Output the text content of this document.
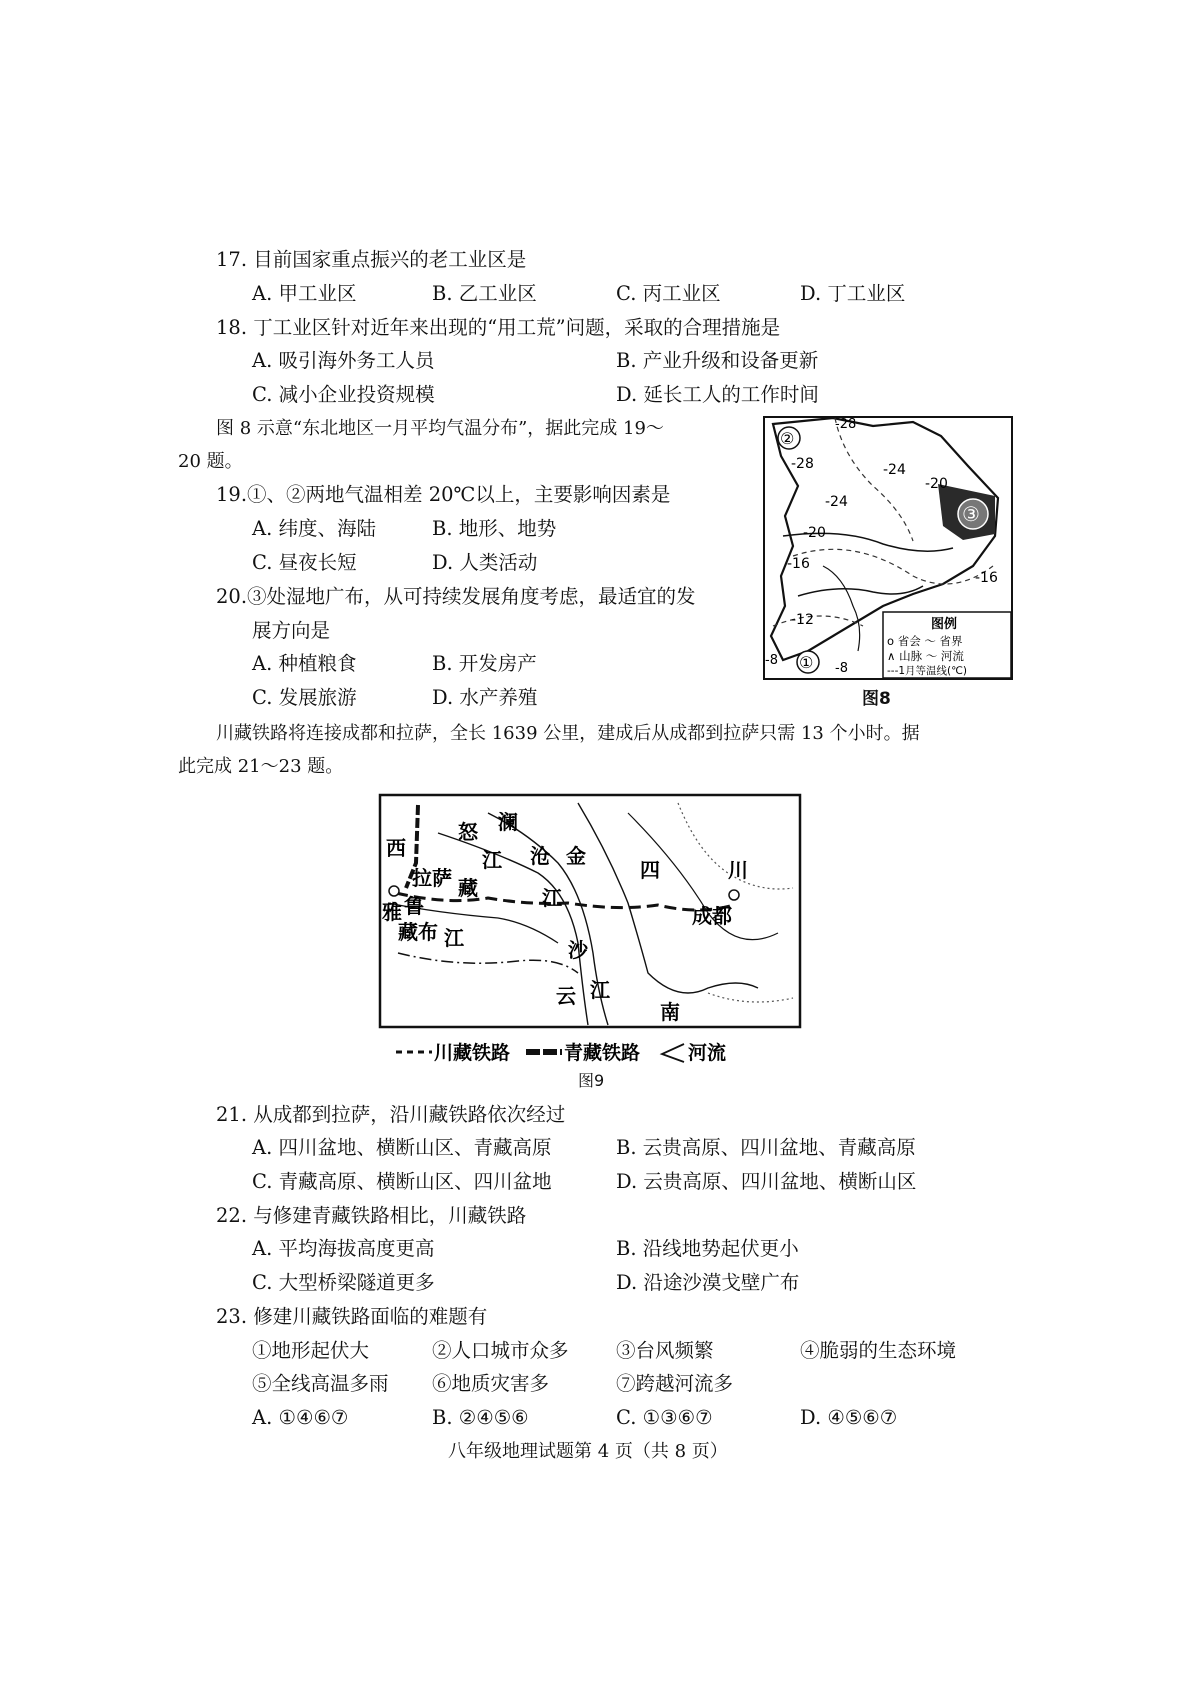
17. 目前国家重点振兴的老工业区是
A. 甲工业区	B. 乙工业区	C. 丙工业区	D. 丁工业区
18. 丁工业区针对近年来出现的“用工荒”问题，采取的合理措施是
A. 吸引海外务工人员	B. 产业升级和设备更新
C. 减小企业投资规模	D. 延长工人的工作时间
图 8 示意“东北地区一月平均气温分布”，据此完成 19～
20 题。
19.①、②两地气温相差 20℃以上，主要影响因素是
A. 纬度、海陆	B. 地形、地势
C. 昼夜长短	D. 人类活动
20.③处湿地广布，从可持续发展角度考虑，最适宜的发
展方向是
A. 种植粮食	B. 开发房产
C. 发展旅游	D. 水产养殖
-28
-28	-24
-20
-24
-20
-16
-16
-12
-8
-8
②
③
①
图例
o 省会 〜 省界
∧ 山脉 〜 河流
---1月等温线(℃)
图8
川藏铁路将连接成都和拉萨，全长 1639 公里，建成后从成都到拉萨只需 13 个小时。据
此完成 21～23 题。
西
怒 澜
拉萨
江 沧 金
四	川
藏	江
雅 鲁	成都
藏布 江	沙
云 江
南
川藏铁路	青藏铁路	河流
图9
21. 从成都到拉萨，沿川藏铁路依次经过
A. 四川盆地、横断山区、青藏高原	B. 云贵高原、四川盆地、青藏高原
C. 青藏高原、横断山区、四川盆地	D. 云贵高原、四川盆地、横断山区
22. 与修建青藏铁路相比，川藏铁路
A. 平均海拔高度更高	B. 沿线地势起伏更小
C. 大型桥梁隧道更多	D. 沿途沙漠戈壁广布
23. 修建川藏铁路面临的难题有
①地形起伏大	②人口城市众多 ③台风频繁	④脆弱的生态环境
⑤全线高温多雨 ⑥地质灾害多	⑦跨越河流多
A. ①④⑥⑦	B. ②④⑤⑥	C. ①③⑥⑦	D. ④⑤⑥⑦
八年级地理试题第 4 页（共 8 页）
